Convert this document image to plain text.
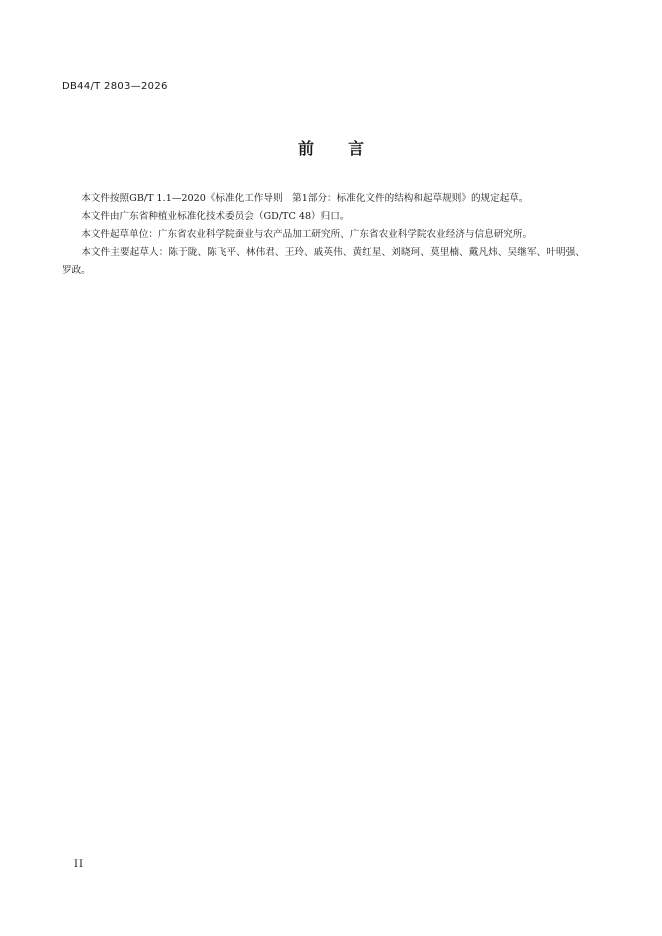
DB44/T 2803—2026
前言

本文件按照GB/T 1.1—2020《标准化工作导则　第1部分：标准化文件的结构和起草规则》的规定起草。

本文件由广东省种植业标准化技术委员会（GD/TC 48）归口。

本文件起草单位：广东省农业科学院蚕业与农产品加工研究所、广东省农业科学院农业经济与信息研究所。

本文件主要起草人：陈于陇、陈飞平、林伟君、王玲、戚英伟、黄红星、刘晓珂、莫里楠、戴凡炜、吴继军、叶明强、罗政。

II
